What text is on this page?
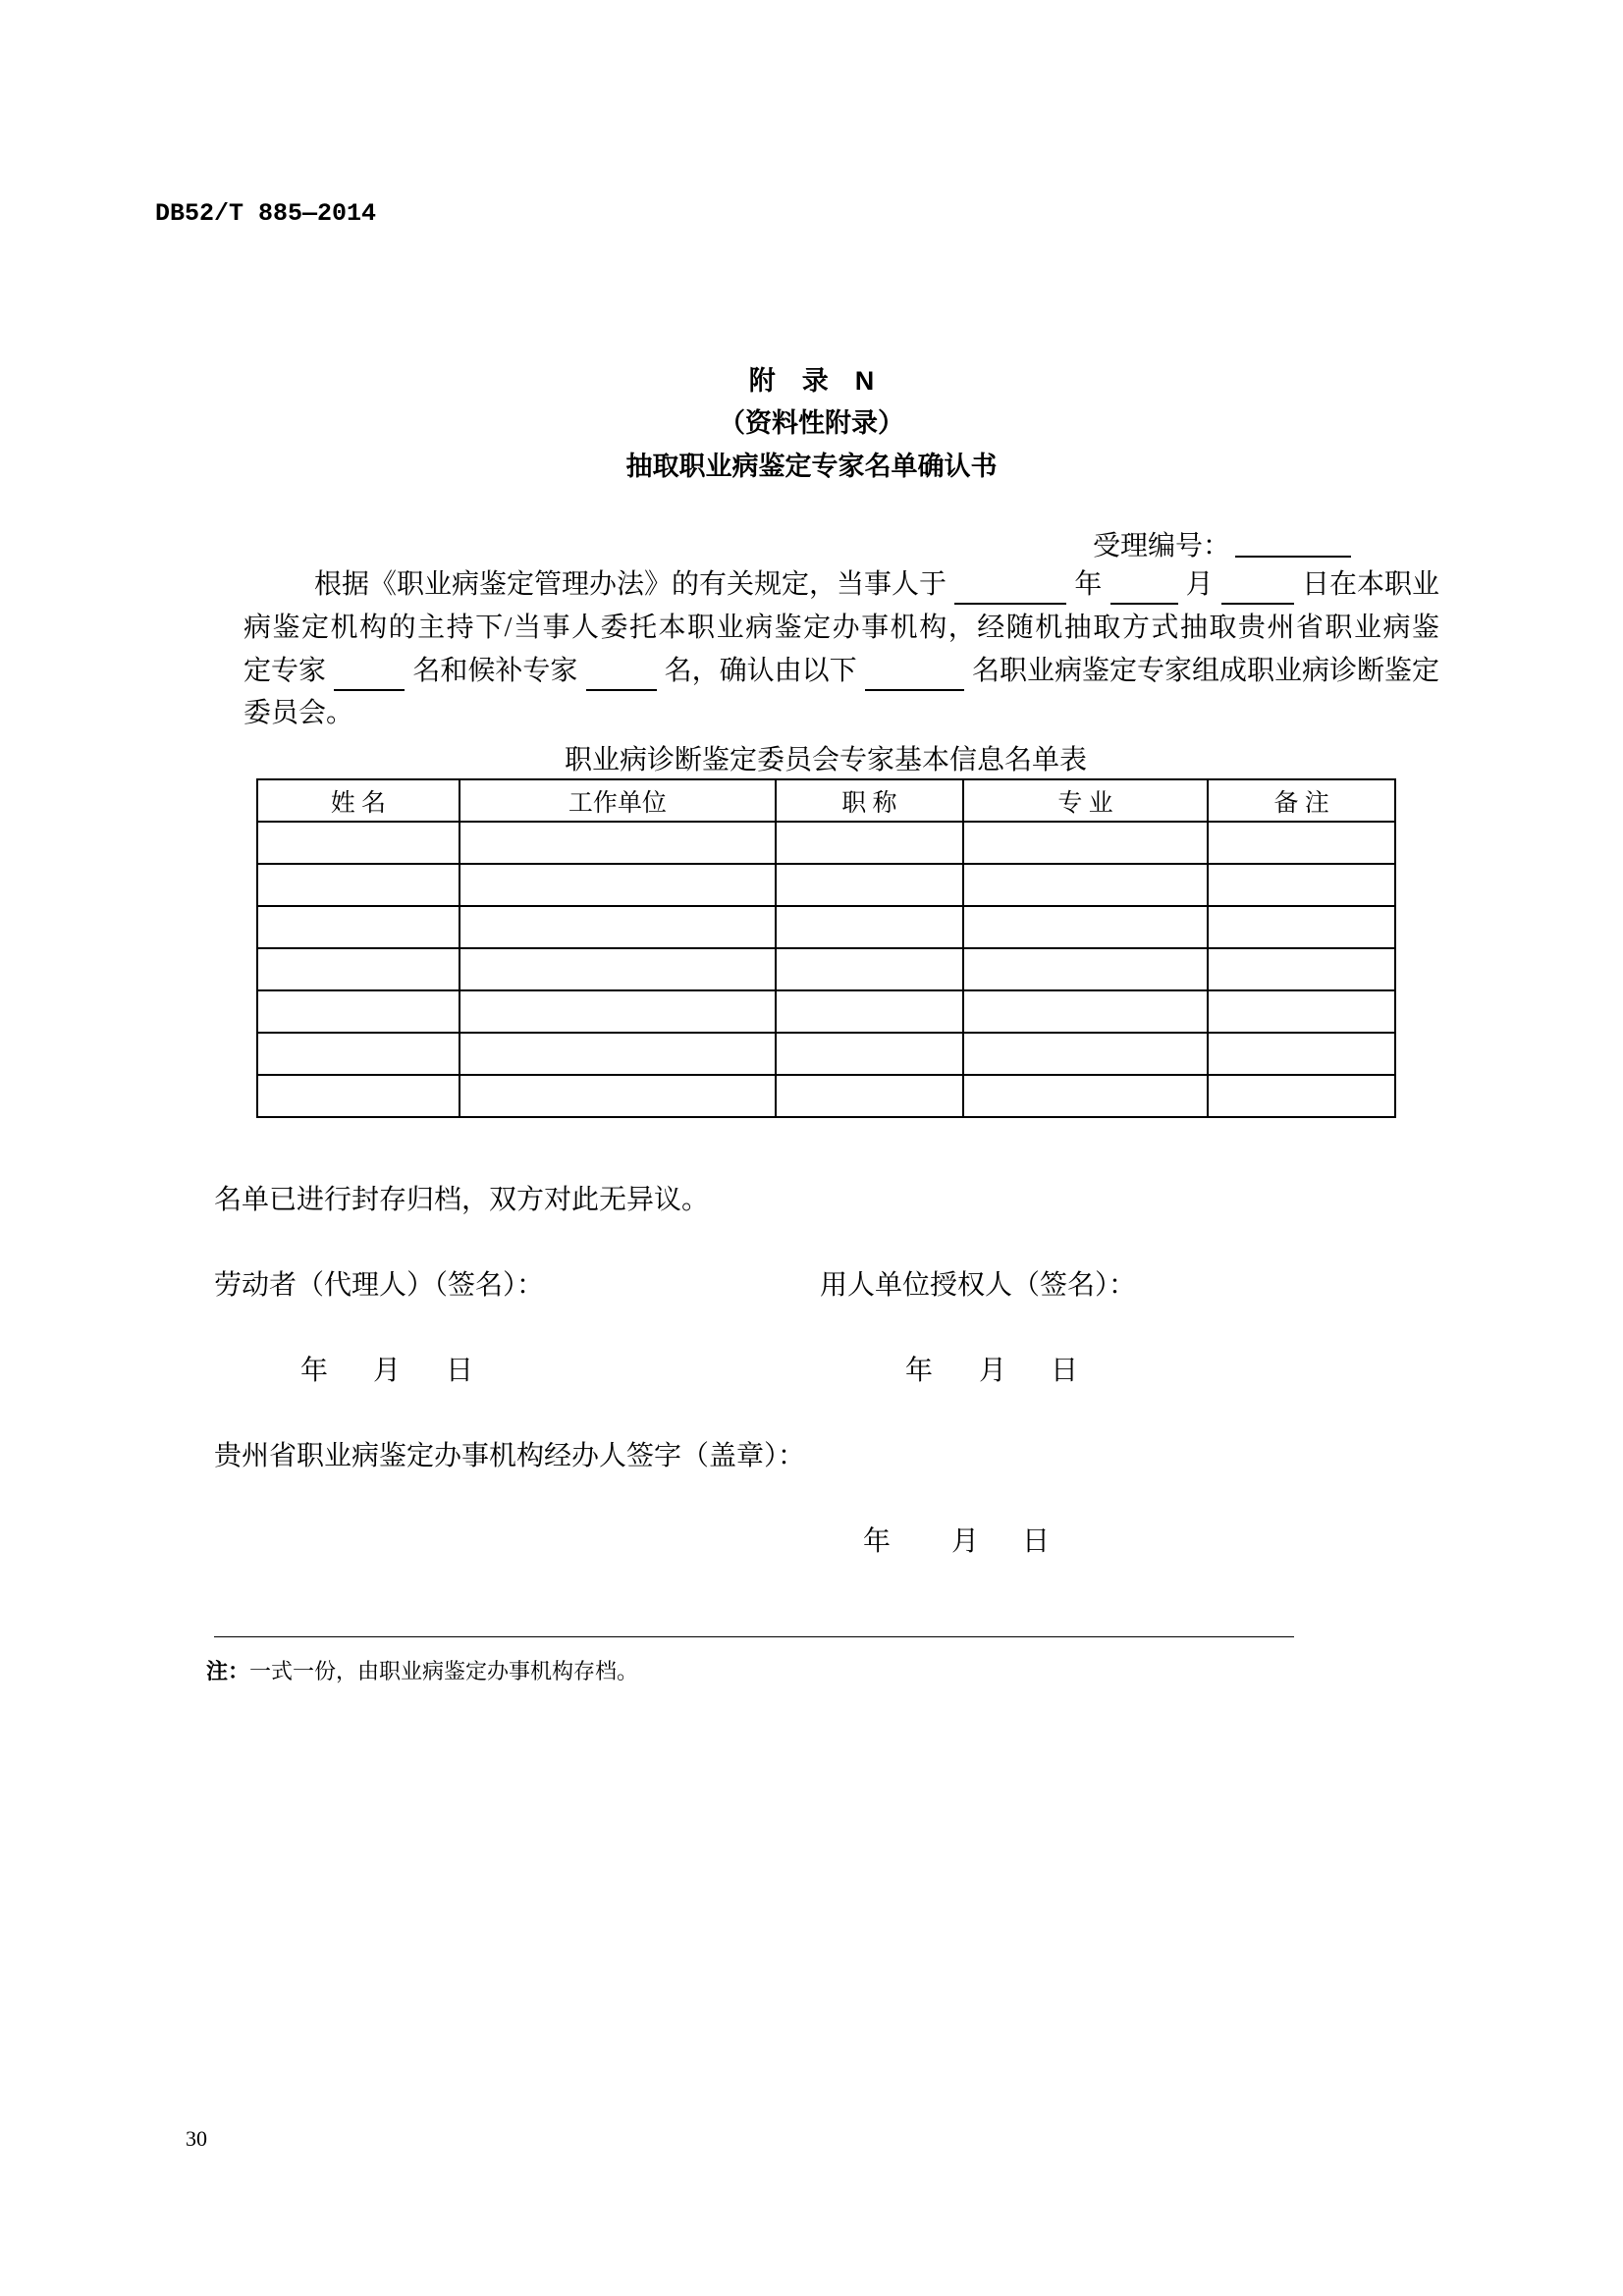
DB52/T 885—2014
附　录　N
（资料性附录）
抽取职业病鉴定专家名单确认书
受理编号：
根据《职业病鉴定管理办法》的有关规定，当事人于	年	月	日在本职业
病鉴定机构的主持下/当事人委托本职业病鉴定办事机构，经随机抽取方式抽取贵州省职业病鉴
定专家	名和候补专家	名，确认由以下	名职业病鉴定专家组成职业病诊断鉴定
委员会。
职业病诊断鉴定委员会专家基本信息名单表
姓 名	工作单位	职 称	专 业	备 注

名单已进行封存归档，双方对此无异议。
劳动者（代理人）（签名）：	用人单位授权人（签名）：
年 月 日	年 月 日
贵州省职业病鉴定办事机构经办人签字（盖章）：
年 月 日
注：一式一份，由职业病鉴定办事机构存档。
30
